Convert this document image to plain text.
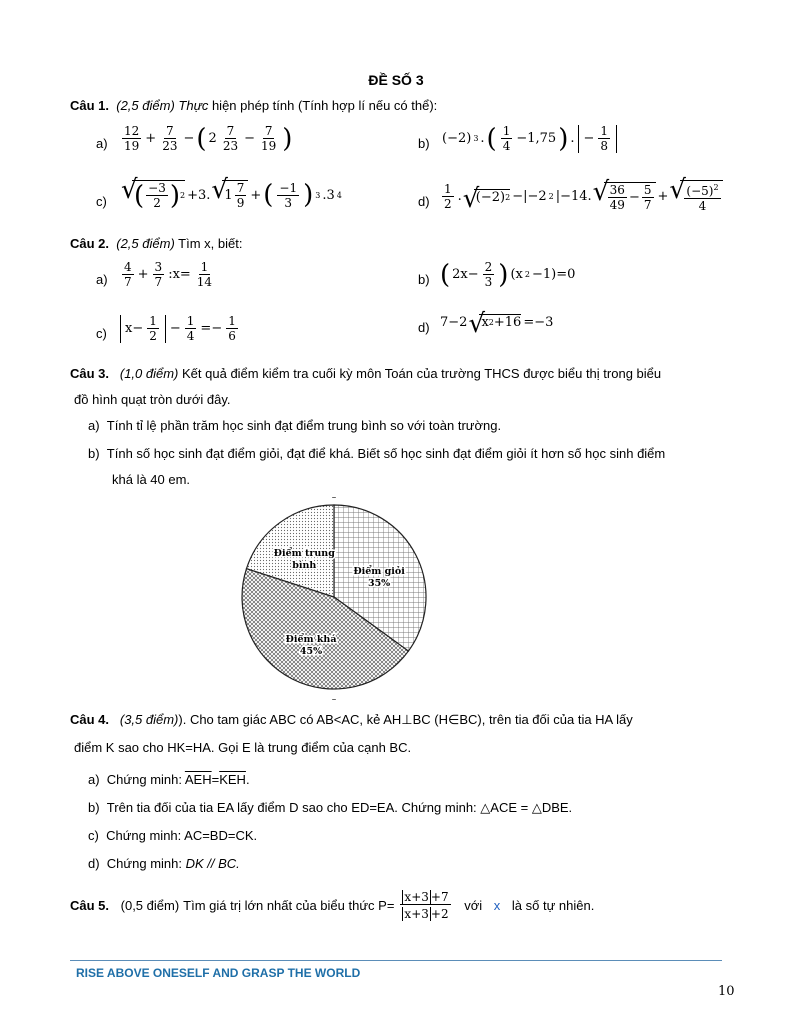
ĐỀ SỐ 3
Câu 1. (2,5 điểm) Thực hiện phép tính (Tính hợp lí nếu có thể):
$a) \frac{12}{19} + \frac{7}{23}$ − ( $2 \frac{7}{23} - \frac{7}{19}$ )	b) (−2) 3 . ( $\frac{1}{4} -1,75$ ) .
− $\frac{1}{8}$
c) √ ( $\frac{-3}{2}$ ) 2 +3. √ $1 \frac{7}{9}$ + ( $\frac{-1}{3}$ ) 3 .3 4	$d) \frac{1}{2}$ . √ (−2) 2 −|−2 2 |−14. √ $\frac{36}{49} - \frac{5}{7}$ + √ $\frac{(-5)^2}{4}$
Câu 2. (2,5 điểm) Tìm x, biết:
$a) \frac{4}{7} + \frac{3}{7}$ :x= $\frac{1}{14}$	b) ( $2x- \frac{2}{3}$ ) (x 2 −1)=0
c) $x- \frac{1}{2} - \frac{1}{4} =- \frac{1}{6}$	d) 7−2 √ x 2 +16 =−3
Câu 3. (1,0 điểm) Kết quả điểm kiểm tra cuối kỳ môn Toán của trường THCS được biểu thị trong biểu
đồ hình quạt tròn dưới đây.
a) Tính tỉ lệ phần trăm học sinh đạt điểm trung bình so với toàn trường.
b) Tính số học sinh đạt điểm giỏi, đạt điể khá. Biết số học sinh đạt điểm giỏi ít hơn số học sinh điểm
khá là 40 em.
–
Điểm giỏi
35%
Điểm khá
45%
Điểm trung
bình
–
Câu 4. (3,5 điểm)). Cho tam giác ABC có AB<AC, kẻ AH⊥BC (H∈BC), trên tia đối của tia HA lấy
điểm K sao cho HK=HA. Gọi E là trung điểm của cạnh BC.
a) Chứng minh: $\overline{AEH}=\overline{KEH}$.
b) Trên tia đối của tia EA lấy điểm D sao cho ED=EA. Chứng minh: △ACE = △DBE.
c) Chứng minh: AC=BD=CK.
d) Chứng minh: DK // BC.
Câu 5.
(0,5 điểm) Tìm giá trị lớn nhất của biểu thức $P= \frac{x+3 +7}{x+3 +2}$
với
x
là số tự nhiên.
RISE ABOVE ONESELF AND GRASP THE WORLD
10
